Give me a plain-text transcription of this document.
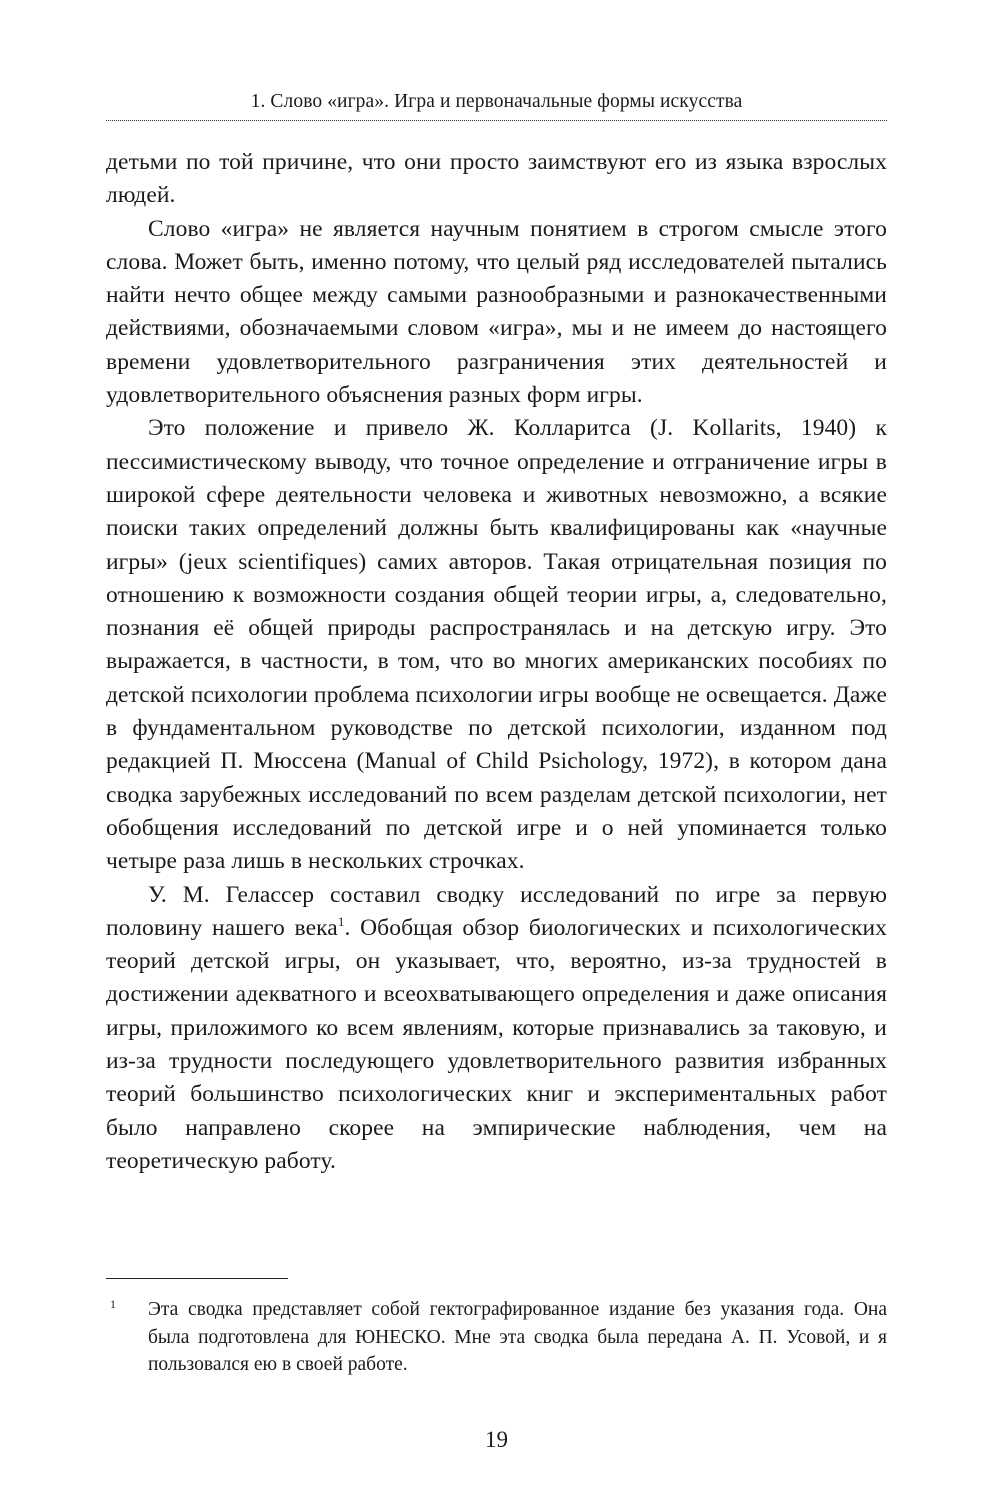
1. Слово «игра». Игра и первоначальные формы искусства

детьми по той причине, что они просто заимствуют его из языка взрослых людей.

Слово «игра» не является научным понятием в строгом смысле этого слова. Может быть, именно потому, что целый ряд исследователей пытались найти нечто общее между самыми разнообразными и разнокачественными действиями, обозначаемыми словом «игра», мы и не имеем до настоящего времени удовлетворительного разграничения этих деятельностей и удовлетворительного объяснения разных форм игры.

Это положение и привело Ж. Колларитса (J. Kollarits, 1940) к пессимистическому выводу, что точное определение и отграничение игры в широкой сфере деятельности человека и животных невозможно, а всякие поиски таких определений должны быть квалифицированы как «научные игры» (jeux scientifiques) самих авторов. Такая отрицательная позиция по отношению к возможности создания общей теории игры, а, следовательно, познания её общей природы распространялась и на детскую игру. Это выражается, в частности, в том, что во многих американских пособиях по детской психологии проблема психологии игры вообще не освещается. Даже в фундаментальном руководстве по детской психологии, изданном под редакцией П. Мюссена (Manual of Child Psichology, 1972), в котором дана сводка зарубежных исследований по всем разделам детской психологии, нет обобщения исследований по детской игре и о ней упоминается только четыре раза лишь в нескольких строчках.

У. М. Гелассер составил сводку исследований по игре за первую половину нашего века$^1$. Обобщая обзор биологических и психологических теорий детской игры, он указывает, что, вероятно, из-за трудностей в достижении адекватного и всеохватывающего определения и даже описания игры, приложимого ко всем явлениям, которые признавались за таковую, и из-за трудности последующего удовлетворительного развития избранных теорий большинство психологических книг и экспериментальных работ было направлено скорее на эмпирические наблюдения, чем на теоретическую работу.

1 Эта сводка представляет собой гектографированное издание без указания года. Она была подготовлена для ЮНЕСКО. Мне эта сводка была передана А. П. Усовой, и я пользовался ею в своей работе.
19
